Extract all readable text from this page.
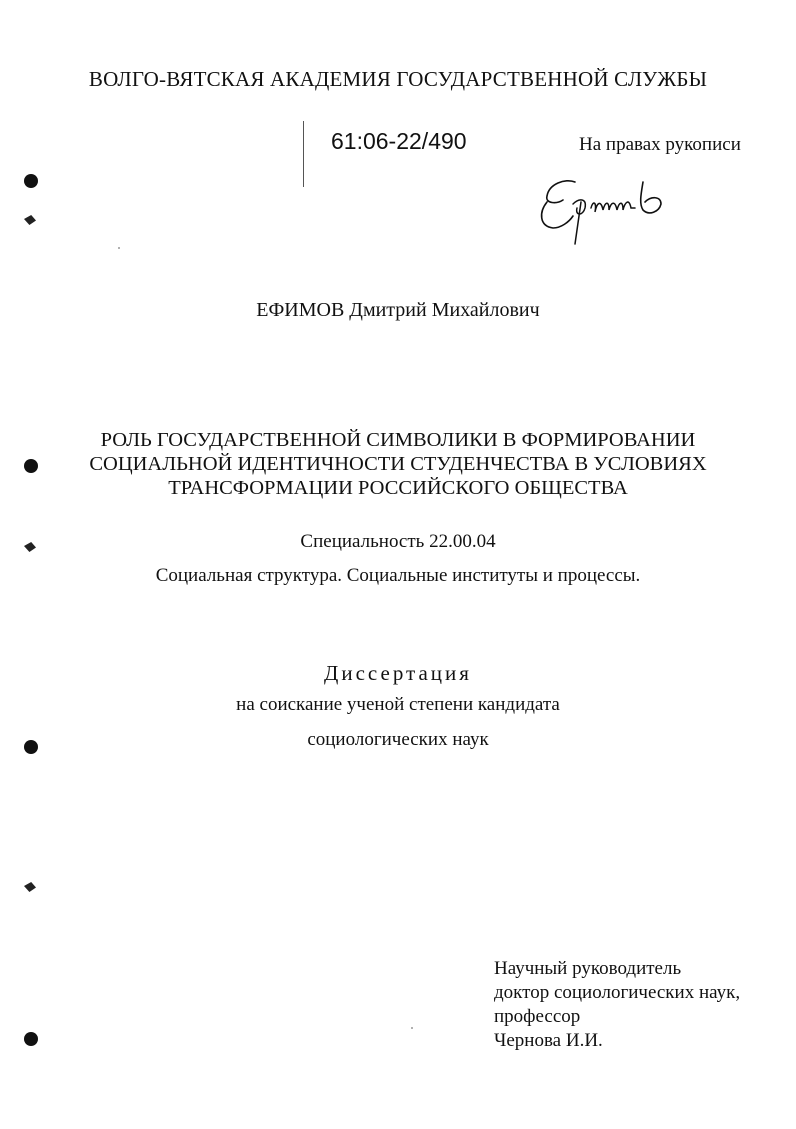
ВОЛГО-ВЯТСКАЯ АКАДЕМИЯ ГОСУДАРСТВЕННОЙ СЛУЖБЫ
61:06-22/490	На правах рукописи
ЕФИМОВ Дмитрий Михайлович
РОЛЬ ГОСУДАРСТВЕННОЙ СИМВОЛИКИ В ФОРМИРОВАНИИ
СОЦИАЛЬНОЙ ИДЕНТИЧНОСТИ СТУДЕНЧЕСТВА В УСЛОВИЯХ
ТРАНСФОРМАЦИИ РОССИЙСКОГО ОБЩЕСТВА
Специальность 22.00.04
Социальная структура. Социальные институты и процессы.
Диссертация
на соискание ученой степени кандидата
социологических наук
Научный руководитель
доктор социологических наук,
профессор
Чернова И.И.
